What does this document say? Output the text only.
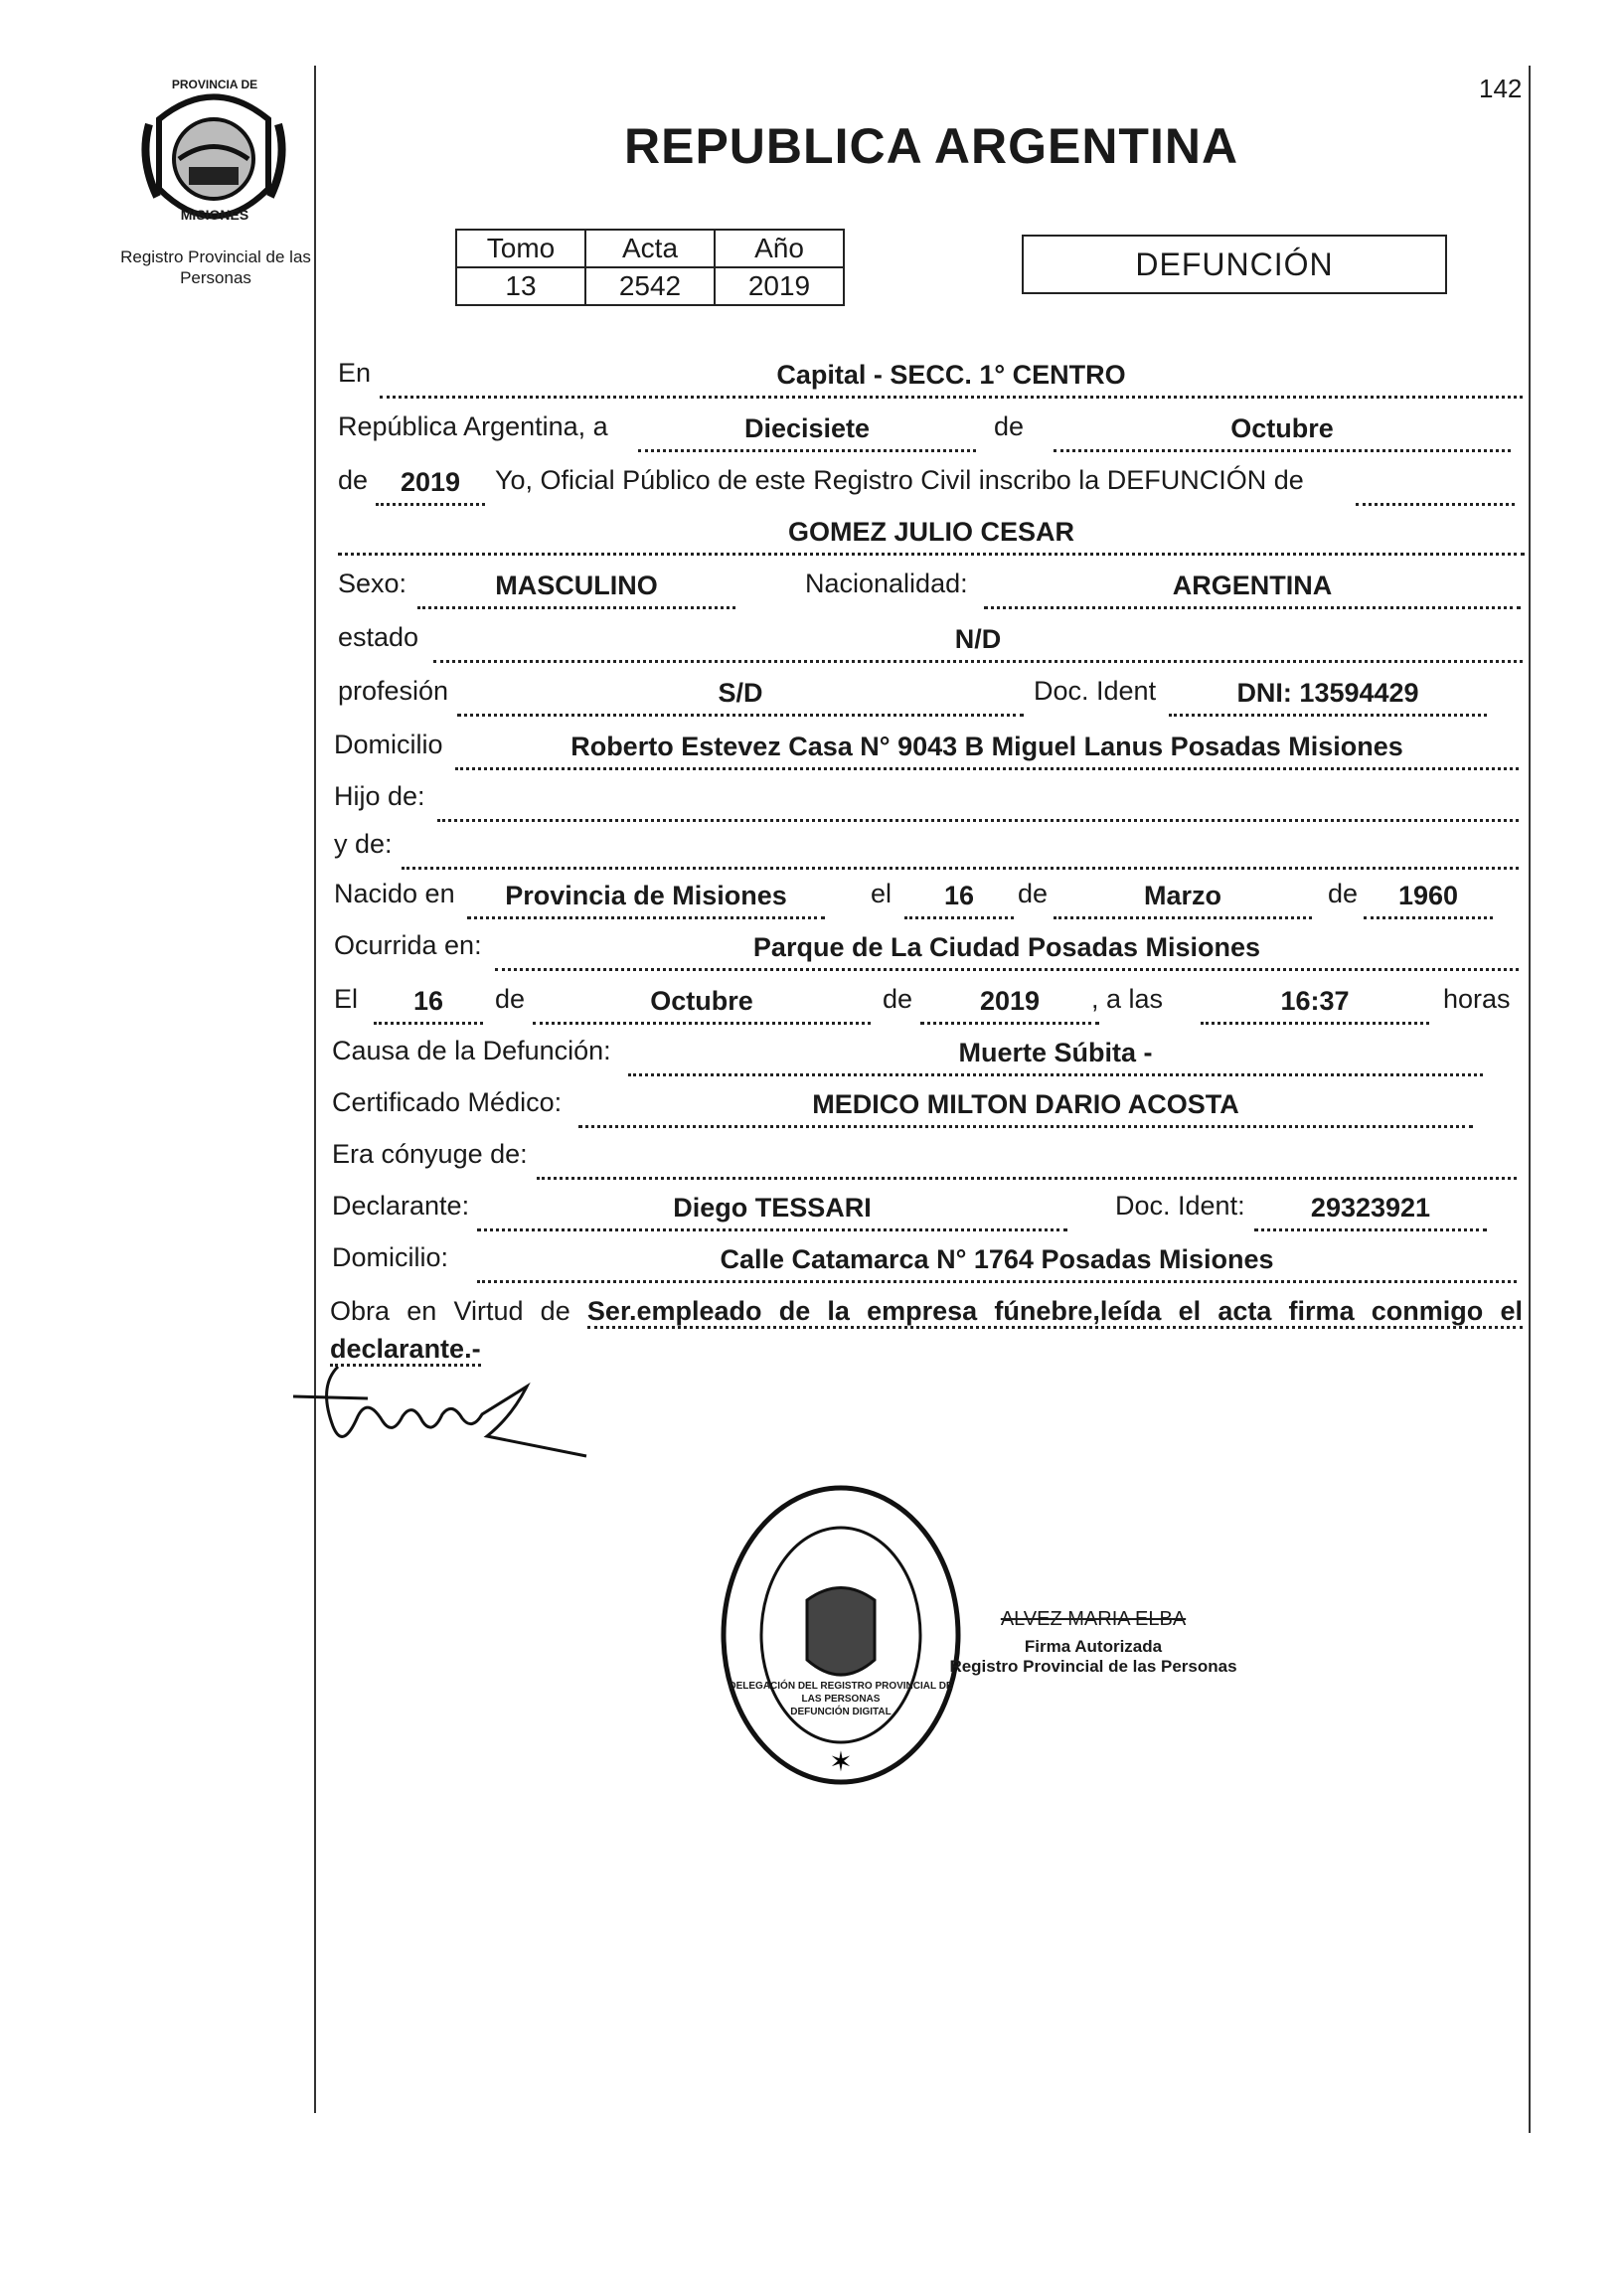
PROVINCIA DE
MISIONES
Registro Provincial de las Personas
142
REPUBLICA ARGENTINA
Tomo	Acta	Año
13	2542	2019
DEFUNCIÓN
En	Capital - SECC. 1° CENTRO
República Argentina, a	Diecisiete	de	Octubre
de	2019	Yo, Oficial Público de este Registro Civil inscribo la DEFUNCIÓN de
GOMEZ JULIO CESAR
Sexo:	MASCULINO	Nacionalidad:	ARGENTINA
estado	N/D
profesión	S/D	Doc. Ident	DNI: 13594429
Domicilio	Roberto Estevez Casa N° 9043 B Miguel Lanus Posadas Misiones
Hijo de:
y de:
Nacido en	Provincia de Misiones	el	16	de	Marzo	de	1960
Ocurrida en:	Parque de La Ciudad Posadas Misiones
El	16	de	Octubre	de	2019	, a las	16:37	horas
Causa de la Defunción:	Muerte Súbita -
Certificado Médico:	MEDICO MILTON DARIO ACOSTA
Era cónyuge de:
Declarante:	Diego TESSARI	Doc. Ident:	29323921
Domicilio:	Calle Catamarca N° 1764 Posadas Misiones
Obra en Virtud de Ser.empleado de la empresa fúnebre,leída el acta firma conmigo el declarante.-
✶
DELEGACIÓN DEL REGISTRO PROVINCIAL DE LAS PERSONAS
DEFUNCIÓN DIGITAL
ALVEZ MARIA ELBA
Firma Autorizada
Registro Provincial de las Personas
